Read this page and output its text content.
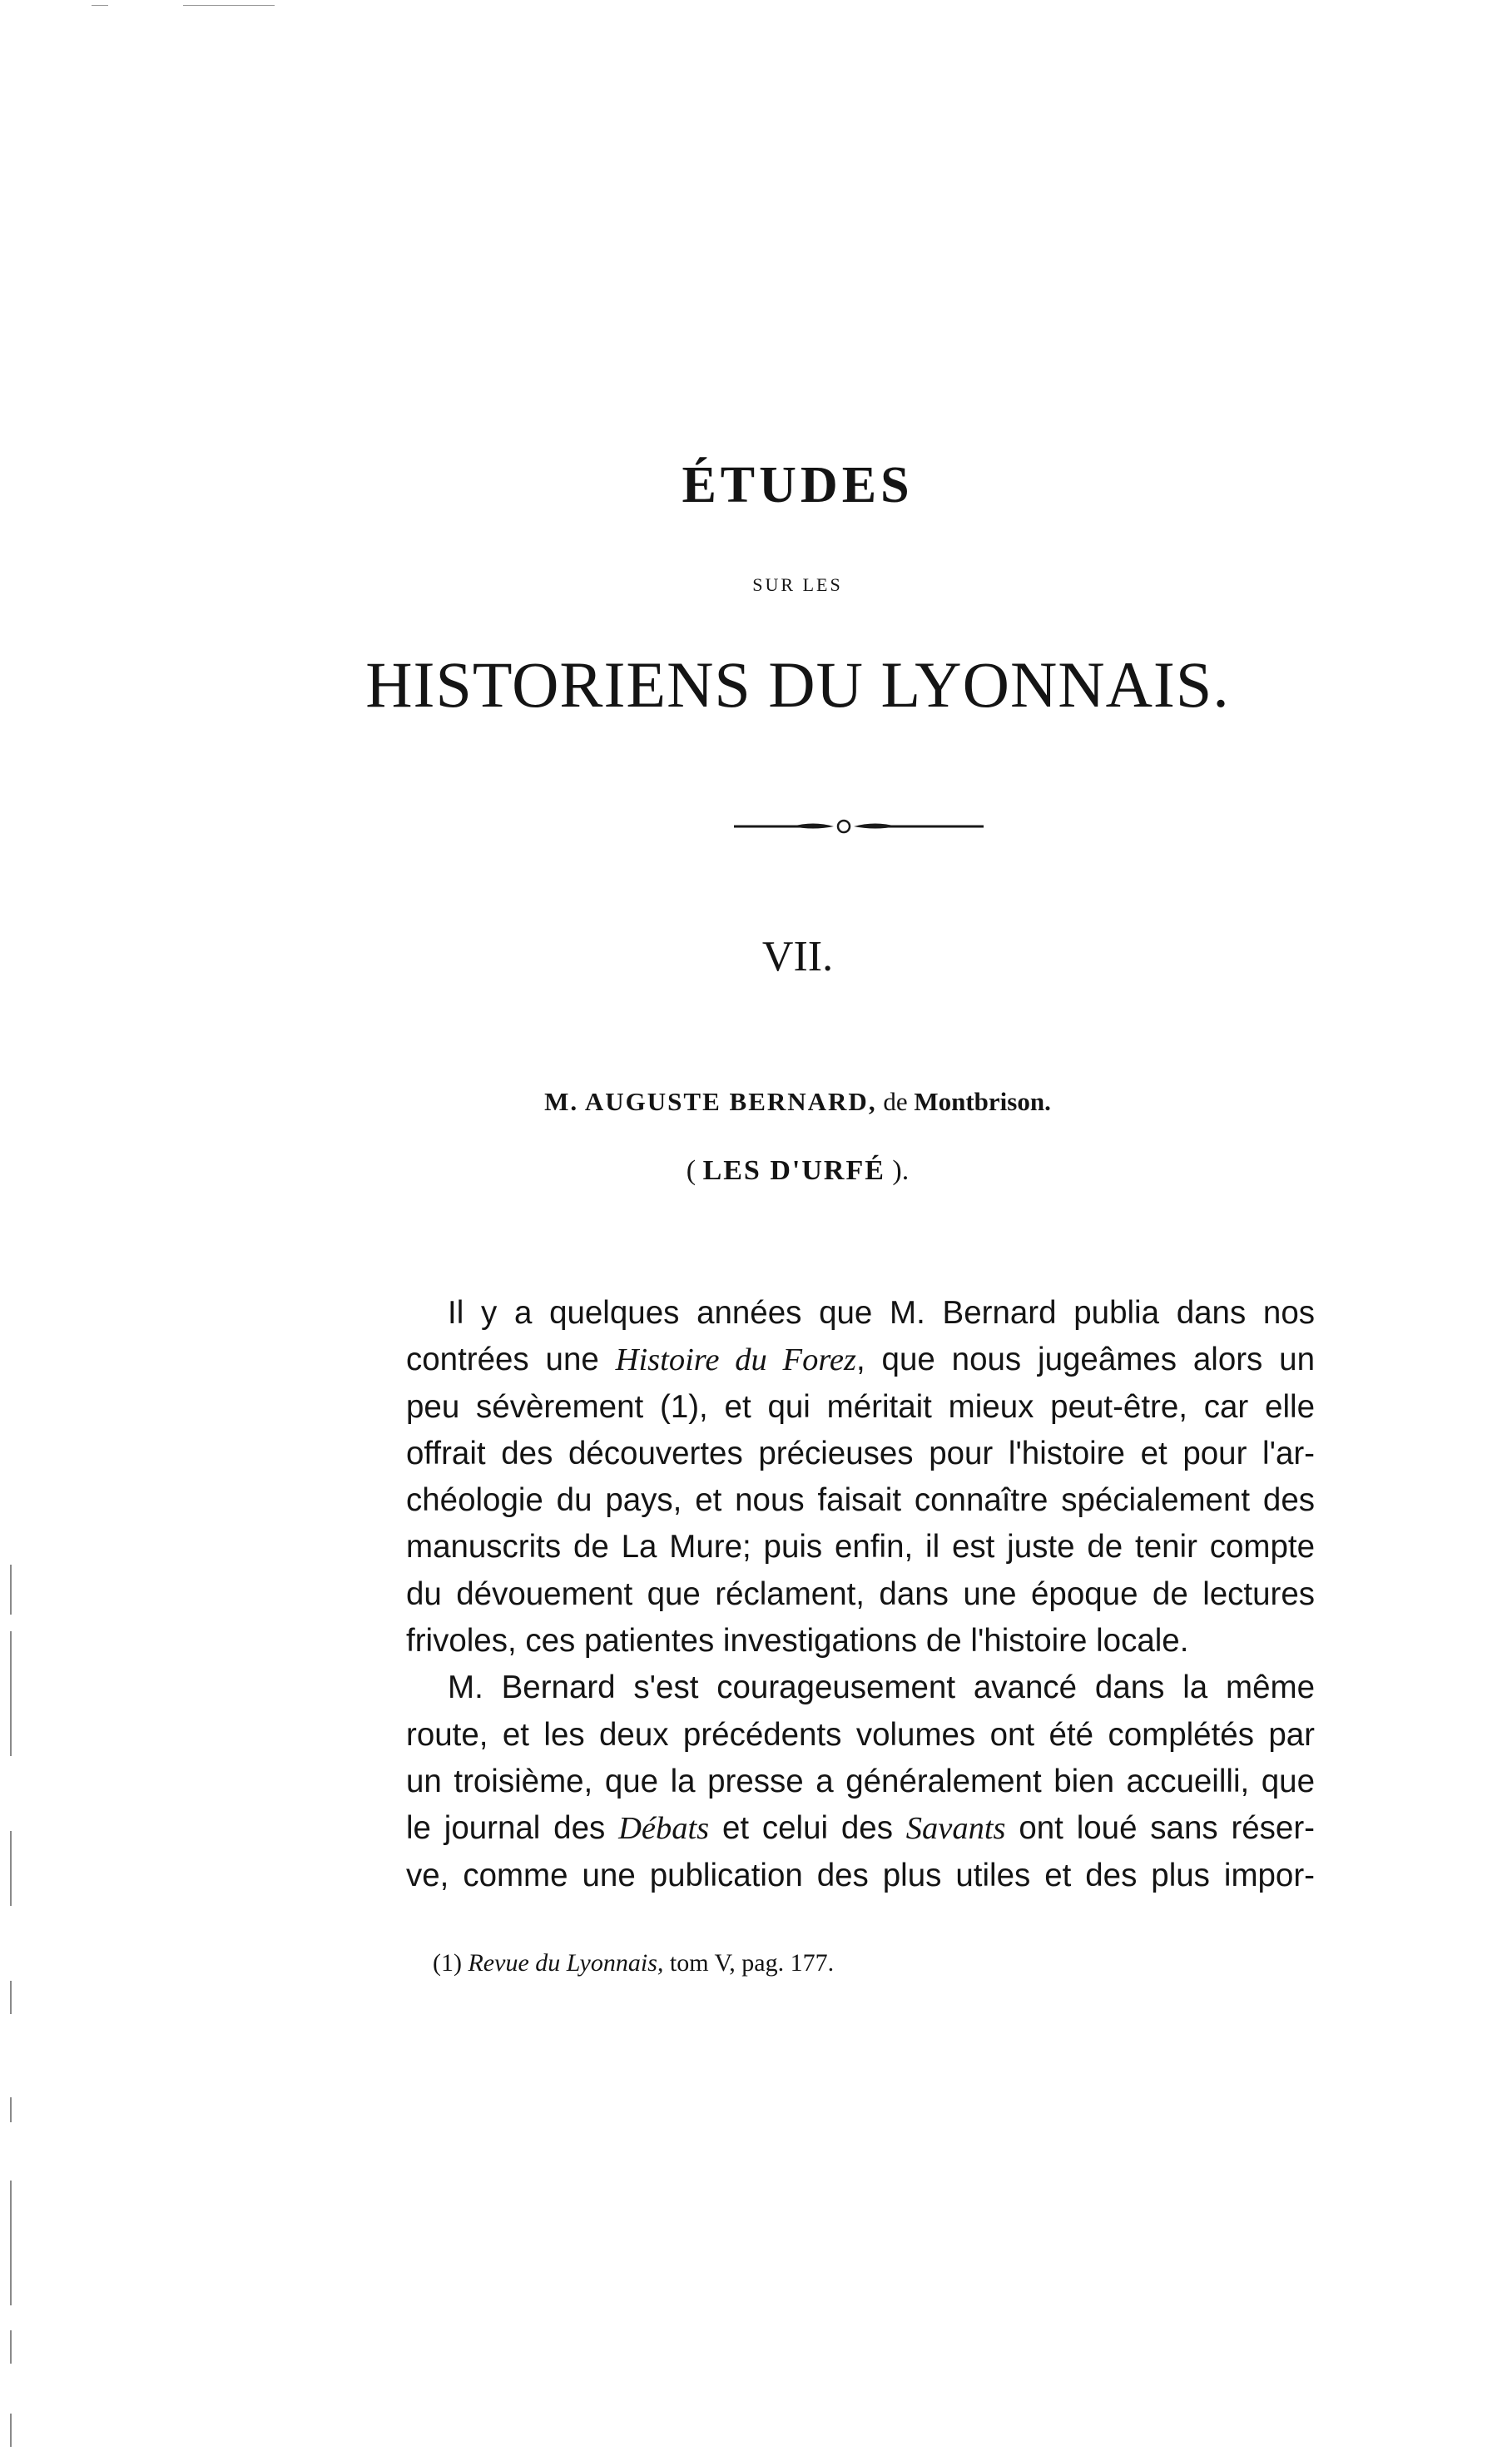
ÉTUDES
SUR LES
HISTORIENS DU LYONNAIS.
VII.
M. AUGUSTE BERNARD, de Montbrison.
( LES D'URFÉ ).
Il y a quelques années que M. Bernard publia dans nos
contrées une Histoire du Forez, que nous jugeâmes alors un
peu sévèrement (1), et qui méritait mieux peut-être, car elle
offrait des découvertes précieuses pour l'histoire et pour l'ar-
chéologie du pays, et nous faisait connaître spécialement des
manuscrits de La Mure; puis enfin, il est juste de tenir compte
du dévouement que réclament, dans une époque de lectures
frivoles, ces patientes investigations de l'histoire locale.
M. Bernard s'est courageusement avancé dans la même
route, et les deux précédents volumes ont été complétés par
un troisième, que la presse a généralement bien accueilli, que
le journal des Débats et celui des Savants ont loué sans réser-
ve, comme une publication des plus utiles et des plus impor-
(1) Revue du Lyonnais, tom V, pag. 177.
